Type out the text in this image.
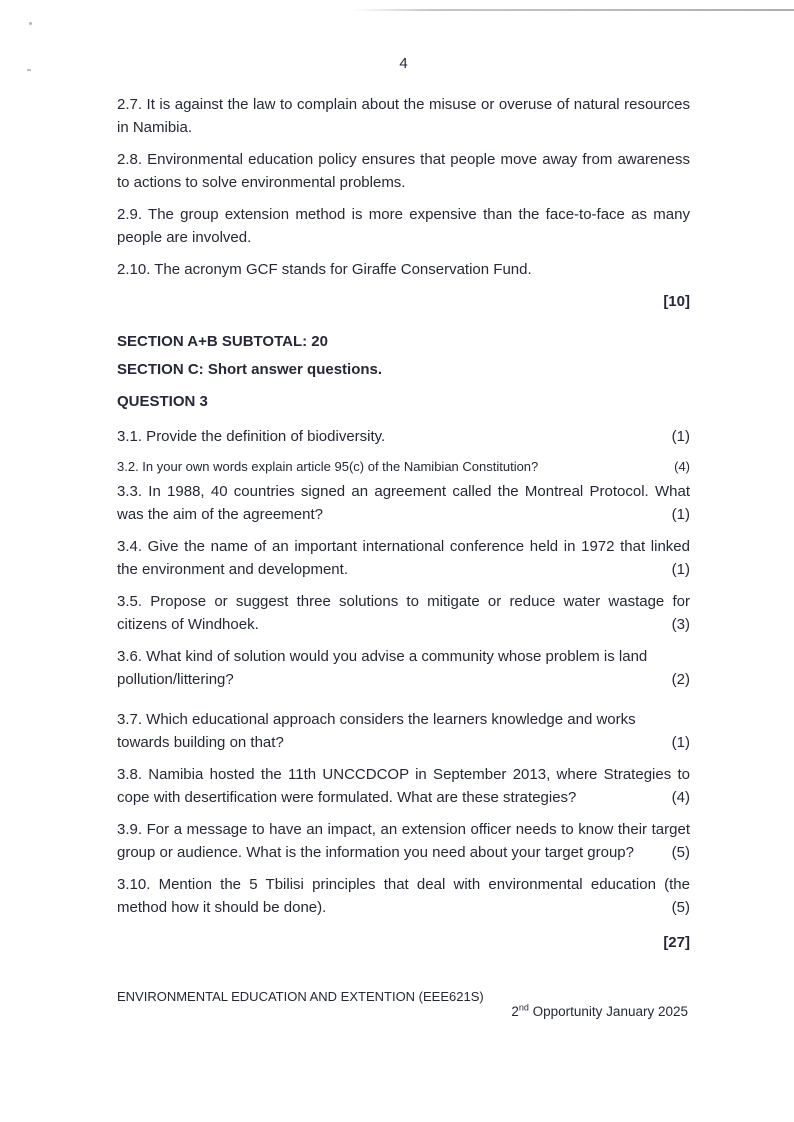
4

2.7. It is against the law to complain about the misuse or overuse of natural resources in Namibia.

2.8. Environmental education policy ensures that people move away from awareness to actions to solve environmental problems.

2.9. The group extension method is more expensive than the face-to-face as many people are involved.

2.10. The acronym GCF stands for Giraffe Conservation Fund.

[10]
SECTION A+B SUBTOTAL: 20
SECTION C: Short answer questions.
QUESTION 3

3.1. Provide the definition of biodiversity.	(1)

3.2. In your own words explain article 95(c) of the Namibian Constitution?	(4)

3.3. In 1988, 40 countries signed an agreement called the Montreal Protocol. What was the aim of the agreement?	(1)

3.4. Give the name of an important international conference held in 1972 that linked the environment and development.	(1)

3.5. Propose or suggest three solutions to mitigate or reduce water wastage for citizens of Windhoek.	(3)

3.6. What kind of solution would you advise a community whose problem is land pollution/littering?	(2)

3.7. Which educational approach considers the learners knowledge and works towards building on that?	(1)

3.8. Namibia hosted the 11th UNCCDCOP in September 2013, where Strategies to cope with desertification were formulated. What are these strategies?	(4)

3.9. For a message to have an impact, an extension officer needs to know their target group or audience. What is the information you need about your target group?	(5)

3.10. Mention the 5 Tbilisi principles that deal with environmental education (the method how it should be done).	(5)

[27]
ENVIRONMENTAL EDUCATION AND EXTENTION (EEE621S)
2nd Opportunity January 2025
